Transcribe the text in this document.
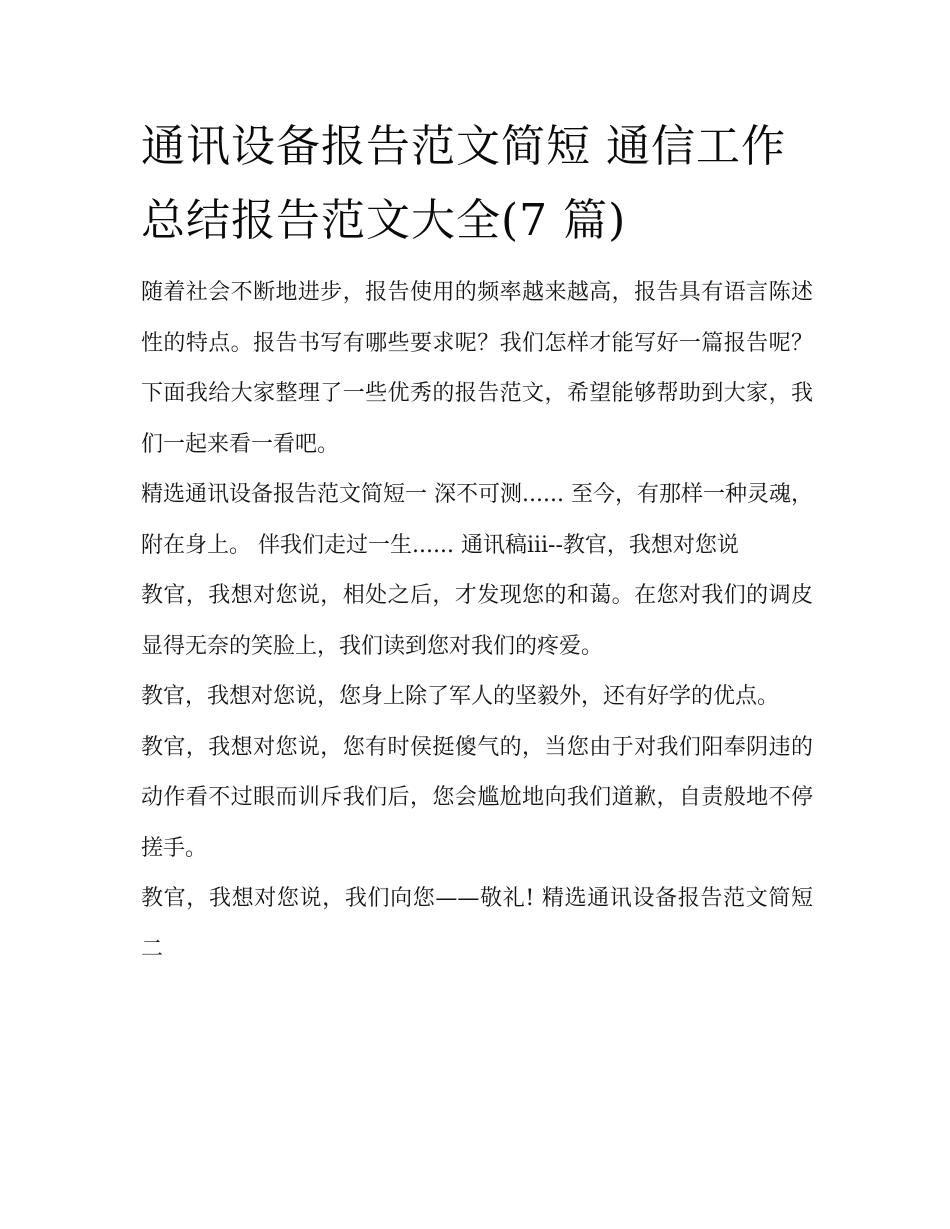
通讯设备报告范文简短 通信工作总结报告范文大全(7 篇)

随着社会不断地进步，报告使用的频率越来越高，报告具有语言陈述性的特点。报告书写有哪些要求呢？我们怎样才能写好一篇报告呢？下面我给大家整理了一些优秀的报告范文，希望能够帮助到大家，我们一起来看一看吧。

精选通讯设备报告范文简短一 深不可测...... 至今，有那样一种灵魂，附在身上。 伴我们走过一生...... 通讯稿iii--教官，我想对您说

教官，我想对您说，相处之后，才发现您的和蔼。在您对我们的调皮显得无奈的笑脸上，我们读到您对我们的疼爱。

教官，我想对您说，您身上除了军人的坚毅外，还有好学的优点。

教官，我想对您说，您有时侯挺傻气的，当您由于对我们阳奉阴违的动作看不过眼而训斥我们后，您会尴尬地向我们道歉，自责般地不停搓手。

教官，我想对您说，我们向您——敬礼! 精选通讯设备报告范文简短二
